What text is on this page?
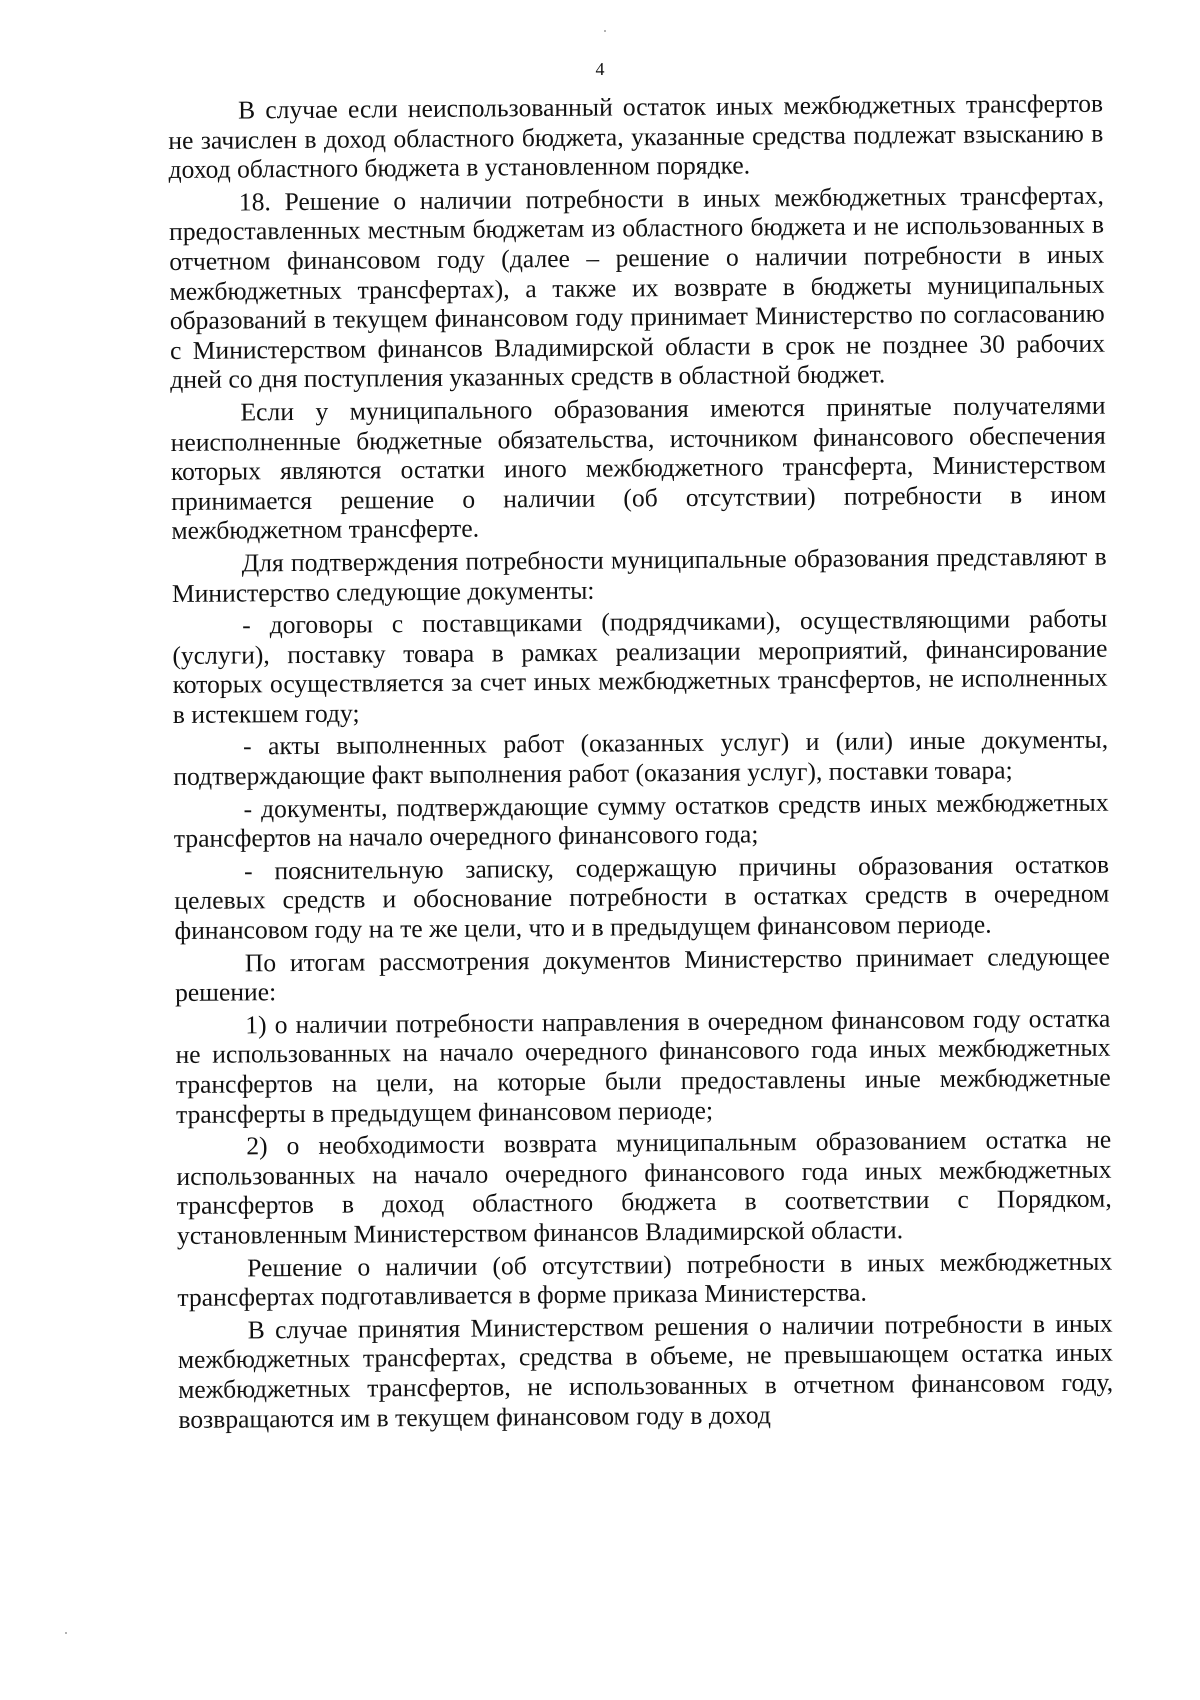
4

В случае если неиспользованный остаток иных межбюджетных трансфертов не зачислен в доход областного бюджета, указанные средства подлежат взысканию в доход областного бюджета в установленном порядке.

18. Решение о наличии потребности в иных межбюджетных трансфертах, предоставленных местным бюджетам из областного бюджета и не использованных в отчетном финансовом году (далее – решение о наличии потребности в иных межбюджетных трансфертах), а также их возврате в бюджеты муниципальных образований в текущем финансовом году принимает Министерство по согласованию с Министерством финансов Владимирской области в срок не позднее 30 рабочих дней со дня поступления указанных средств в областной бюджет.

Если у муниципального образования имеются принятые получателями неисполненные бюджетные обязательства, источником финансового обеспечения которых являются остатки иного межбюджетного трансферта, Министерством принимается решение о наличии (об отсутствии) потребности в ином межбюджетном трансферте.

Для подтверждения потребности муниципальные образования представляют в Министерство следующие документы:

- договоры с поставщиками (подрядчиками), осуществляющими работы (услуги), поставку товара в рамках реализации мероприятий, финансирование которых осуществляется за счет иных межбюджетных трансфертов, не исполненных в истекшем году;

- акты выполненных работ (оказанных услуг) и (или) иные документы, подтверждающие факт выполнения работ (оказания услуг), поставки товара;

- документы, подтверждающие сумму остатков средств иных межбюджетных трансфертов на начало очередного финансового года;

- пояснительную записку, содержащую причины образования остатков целевых средств и обоснование потребности в остатках средств в очередном финансовом году на те же цели, что и в предыдущем финансовом периоде.

По итогам рассмотрения документов Министерство принимает следующее решение:

1) о наличии потребности направления в очередном финансовом году остатка не использованных на начало очередного финансового года иных межбюджетных трансфертов на цели, на которые были предоставлены иные межбюджетные трансферты в предыдущем финансовом периоде;

2) о необходимости возврата муниципальным образованием остатка не использованных на начало очередного финансового года иных межбюджетных трансфертов в доход областного бюджета в соответствии с Порядком, установленным Министерством финансов Владимирской области.

Решение о наличии (об отсутствии) потребности в иных межбюджетных трансфертах подготавливается в форме приказа Министерства.

В случае принятия Министерством решения о наличии потребности в иных межбюджетных трансфертах, средства в объеме, не превышающем остатка иных межбюджетных трансфертов, не использованных в отчетном финансовом году, возвращаются им в текущем финансовом году в доход
